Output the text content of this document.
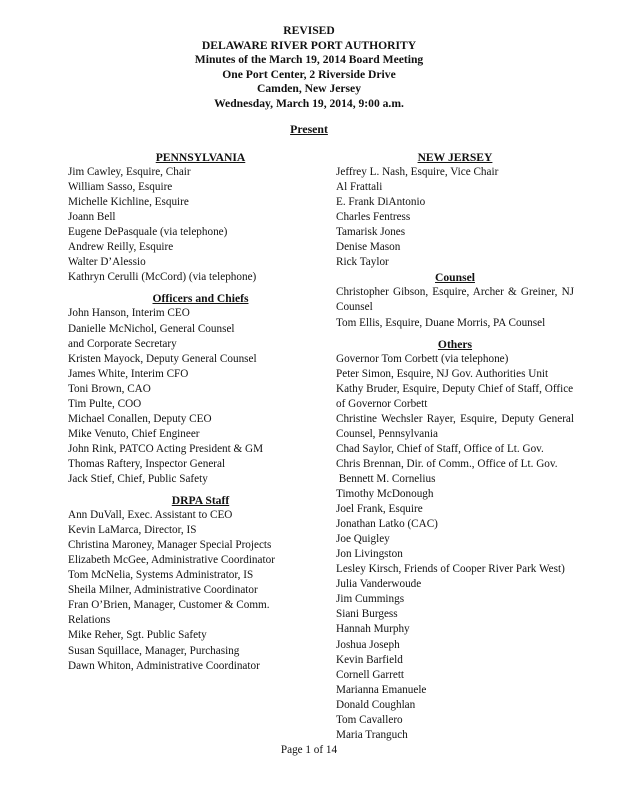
REVISED
DELAWARE RIVER PORT AUTHORITY
Minutes of the March 19, 2014 Board Meeting
One Port Center, 2 Riverside Drive
Camden, New Jersey
Wednesday, March 19, 2014, 9:00 a.m.
Present
PENNSYLVANIA
Jim Cawley, Esquire, Chair
William Sasso, Esquire
Michelle Kichline, Esquire
Joann Bell
Eugene DePasquale (via telephone)
Andrew Reilly, Esquire
Walter D’Alessio
Kathryn Cerulli (McCord) (via telephone)
Officers and Chiefs
John Hanson, Interim CEO
Danielle McNichol, General Counsel
and Corporate Secretary
Kristen Mayock, Deputy General Counsel
James White, Interim CFO
Toni Brown, CAO
Tim Pulte, COO
Michael Conallen, Deputy CEO
Mike Venuto, Chief Engineer
John Rink, PATCO Acting President & GM
Thomas Raftery, Inspector General
Jack Stief, Chief, Public Safety
DRPA Staff
Ann DuVall, Exec. Assistant to CEO
Kevin LaMarca, Director, IS
Christina Maroney, Manager Special Projects
Elizabeth McGee, Administrative Coordinator
Tom McNelia, Systems Administrator, IS
Sheila Milner, Administrative Coordinator
Fran O’Brien, Manager, Customer & Comm.
Relations
Mike Reher, Sgt. Public Safety
Susan Squillace, Manager, Purchasing
Dawn Whiton, Administrative Coordinator
NEW JERSEY
Jeffrey L. Nash, Esquire, Vice Chair
Al Frattali
E. Frank DiAntonio
Charles Fentress
Tamarisk Jones
Denise Mason
Rick Taylor
Counsel
Christopher Gibson, Esquire, Archer & Greiner, NJ Counsel
Tom Ellis, Esquire, Duane Morris, PA Counsel
Others
Governor Tom Corbett (via telephone)
Peter Simon, Esquire, NJ Gov. Authorities Unit
Kathy Bruder, Esquire, Deputy Chief of Staff, Office of Governor Corbett
Christine Wechsler Rayer, Esquire, Deputy General Counsel, Pennsylvania
Chad Saylor, Chief of Staff, Office of Lt. Gov.
Chris Brennan, Dir. of Comm., Office of Lt. Gov.
Bennett M. Cornelius
Timothy McDonough
Joel Frank, Esquire
Jonathan Latko (CAC)
Joe Quigley
Jon Livingston
Lesley Kirsch, Friends of Cooper River Park West)
Julia Vanderwoude
Jim Cummings
Siani Burgess
Hannah Murphy
Joshua Joseph
Kevin Barfield
Cornell Garrett
Marianna Emanuele
Donald Coughlan
Tom Cavallero
Maria Tranguch
Page 1 of 14
